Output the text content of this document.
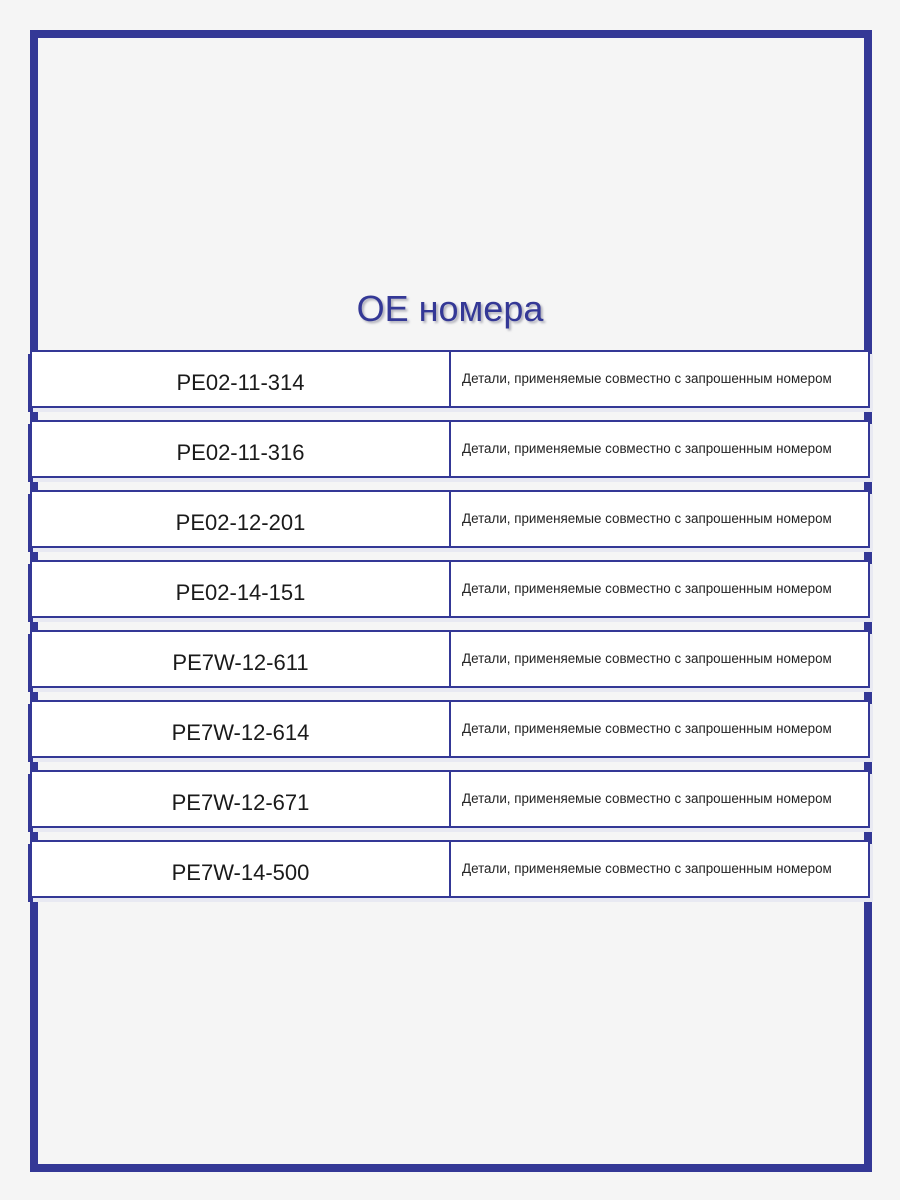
OE номера
PE02-11-314	Детали, применяемые совместно с запрошенным номером
PE02-11-316	Детали, применяемые совместно с запрошенным номером
PE02-12-201	Детали, применяемые совместно с запрошенным номером
PE02-14-151	Детали, применяемые совместно с запрошенным номером
PE7W-12-611	Детали, применяемые совместно с запрошенным номером
PE7W-12-614	Детали, применяемые совместно с запрошенным номером
PE7W-12-671	Детали, применяемые совместно с запрошенным номером
PE7W-14-500	Детали, применяемые совместно с запрошенным номером
